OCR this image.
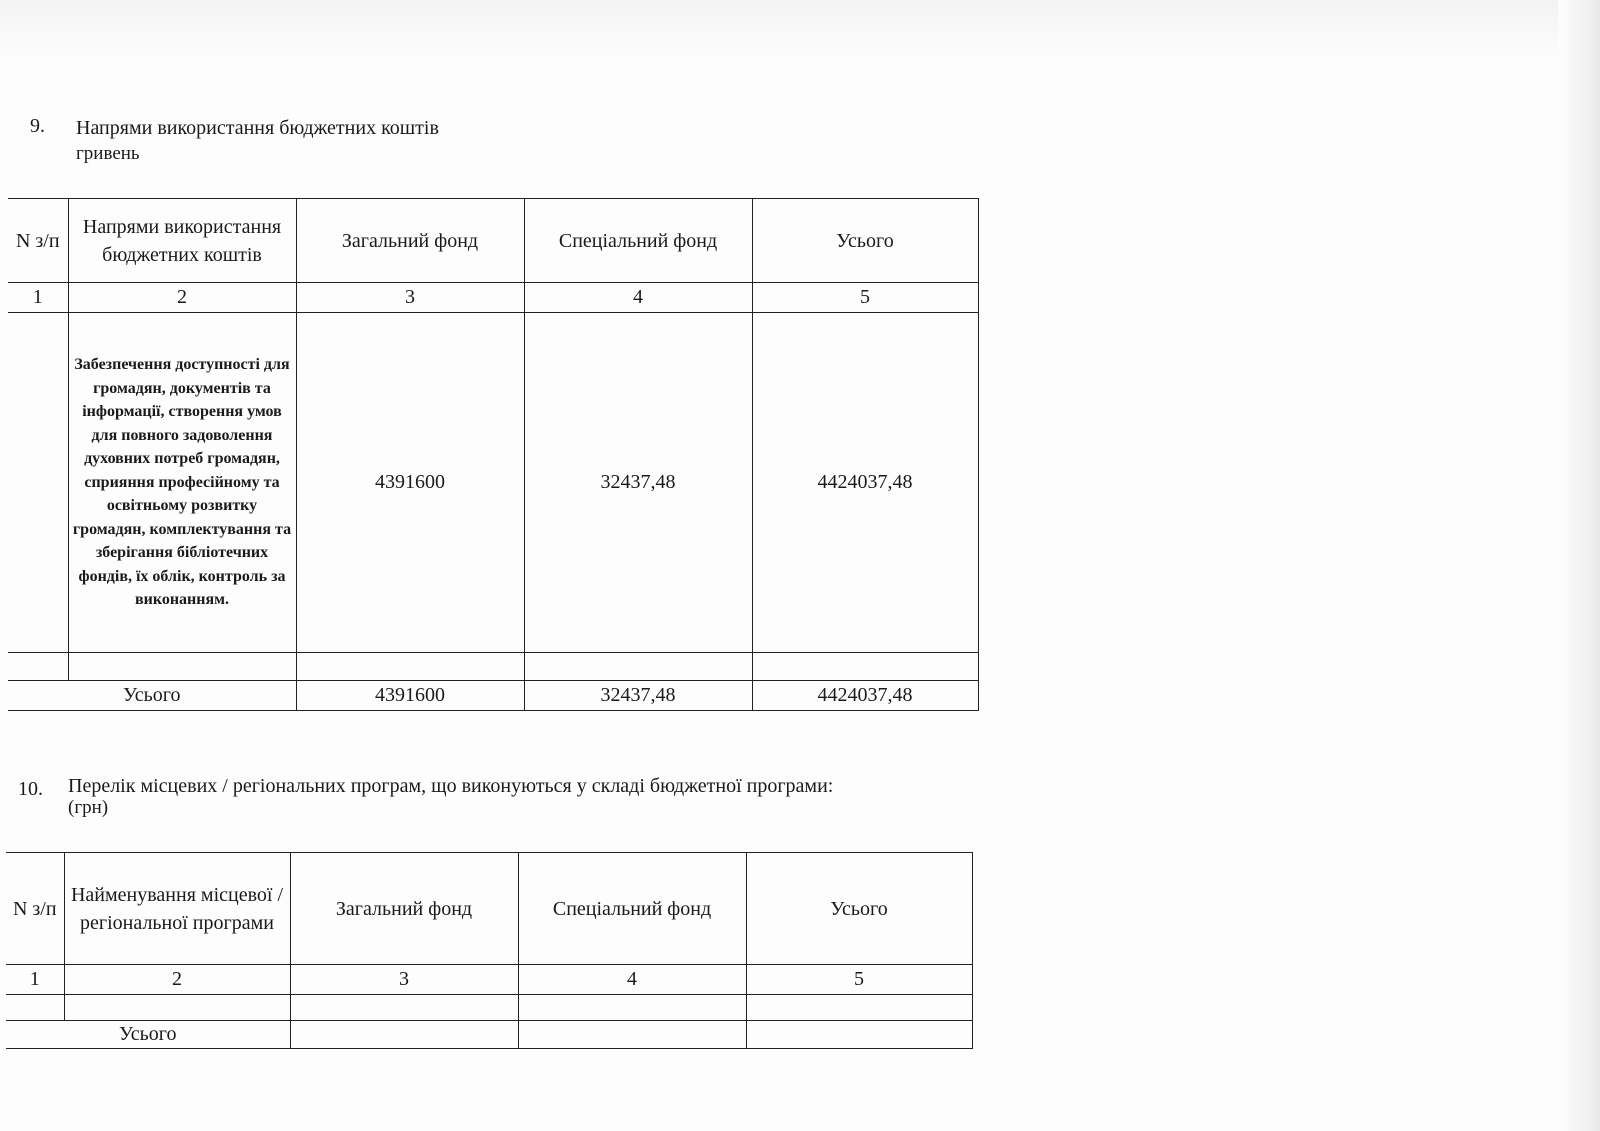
9. Напрями використання бюджетних коштів
гривень
N з/п	Напрями використання бюджетних коштів	Загальний фонд	Спеціальний фонд	Усього
1	2	3	4	5
	Забезпечення доступності для громадян, документів та інформації, створення умов для повного задоволення духовних потреб громадян, сприяння професійному та освітньому розвитку громадян, комплектування та зберігання бібліотечних фондів, їх облік, контроль за виконанням.	4391600	32437,48	4424037,48

Усього		4391600	32437,48	4424037,48
10. Перелік місцевих / регіональних програм, що виконуються у складі бюджетної програми:
(грн)
N з/п	Найменування місцевої / регіональної програми	Загальний фонд	Спеціальний фонд	Усього
1	2	3	4	5

Усього				
